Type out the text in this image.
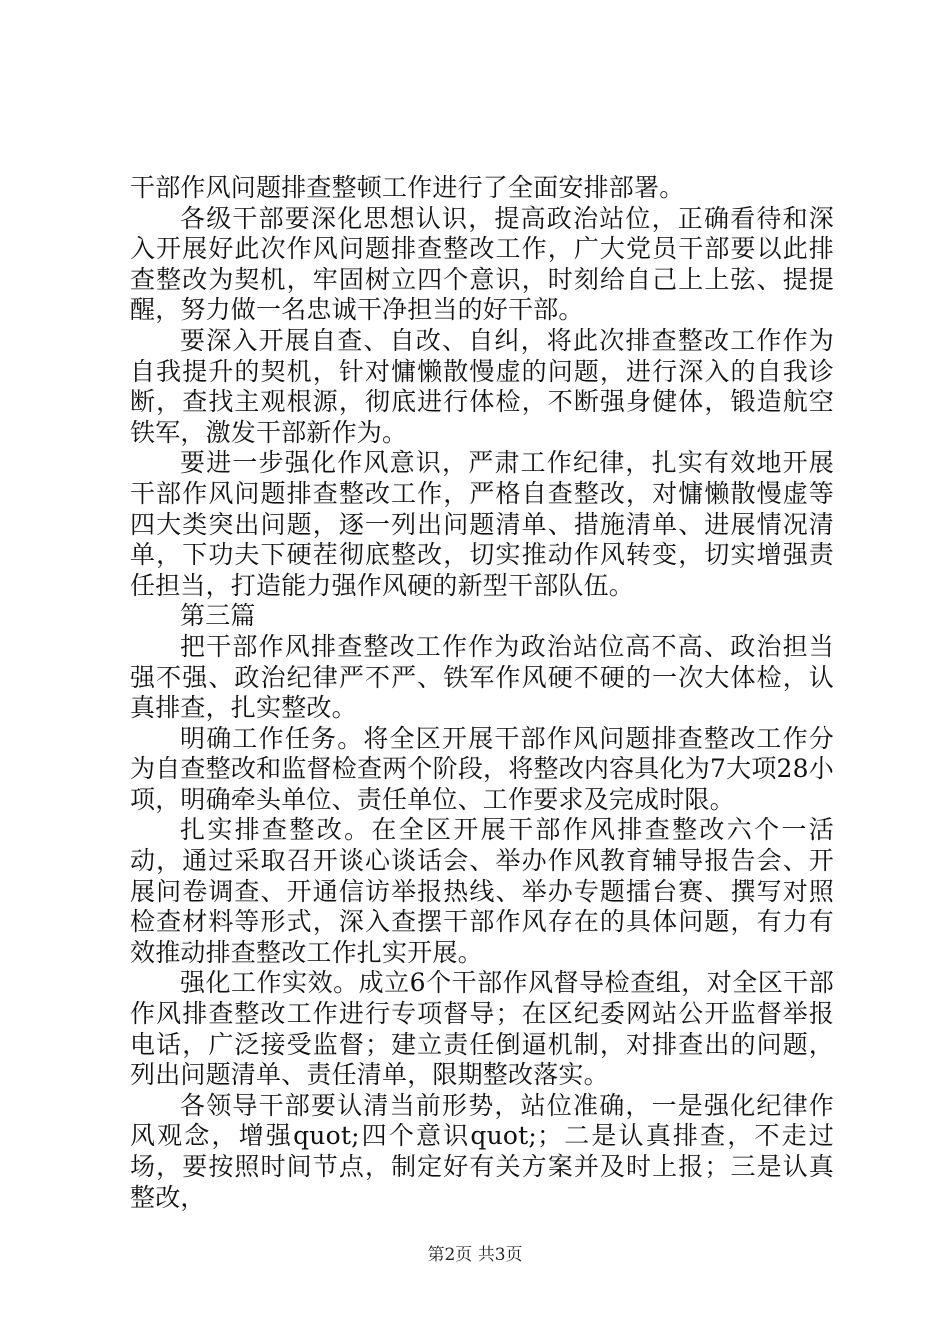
干部作风问题排查整顿工作进行了全面安排部署。

各级干部要深化思想认识，提高政治站位，正确看待和深入开展好此次作风问题排查整改工作，广大党员干部要以此排查整改为契机，牢固树立四个意识，时刻给自己上上弦、提提醒，努力做一名忠诚干净担当的好干部。

要深入开展自查、自改、自纠，将此次排查整改工作作为自我提升的契机，针对慵懒散慢虚的问题，进行深入的自我诊断，查找主观根源，彻底进行体检，不断强身健体，锻造航空铁军，激发干部新作为。

要进一步强化作风意识，严肃工作纪律，扎实有效地开展干部作风问题排查整改工作，严格自查整改，对慵懒散慢虚等四大类突出问题，逐一列出问题清单、措施清单、进展情况清单，下功夫下硬茬彻底整改，切实推动作风转变，切实增强责任担当，打造能力强作风硬的新型干部队伍。

第三篇

把干部作风排查整改工作作为政治站位高不高、政治担当强不强、政治纪律严不严、铁军作风硬不硬的一次大体检，认真排查，扎实整改。

明确工作任务。将全区开展干部作风问题排查整改工作分为自查整改和监督检查两个阶段，将整改内容具化为7大项28小项，明确牵头单位、责任单位、工作要求及完成时限。

扎实排查整改。在全区开展干部作风排查整改六个一活动，通过采取召开谈心谈话会、举办作风教育辅导报告会、开展问卷调查、开通信访举报热线、举办专题擂台赛、撰写对照检查材料等形式，深入查摆干部作风存在的具体问题，有力有效推动排查整改工作扎实开展。

强化工作实效。成立6个干部作风督导检查组，对全区干部作风排查整改工作进行专项督导；在区纪委网站公开监督举报电话，广泛接受监督；建立责任倒逼机制，对排查出的问题，列出问题清单、责任清单，限期整改落实。

各领导干部要认清当前形势，站位准确，一是强化纪律作风观念，增强quot;四个意识quot;；二是认真排查，不走过场，要按照时间节点，制定好有关方案并及时上报；三是认真整改，

第2页 共3页
